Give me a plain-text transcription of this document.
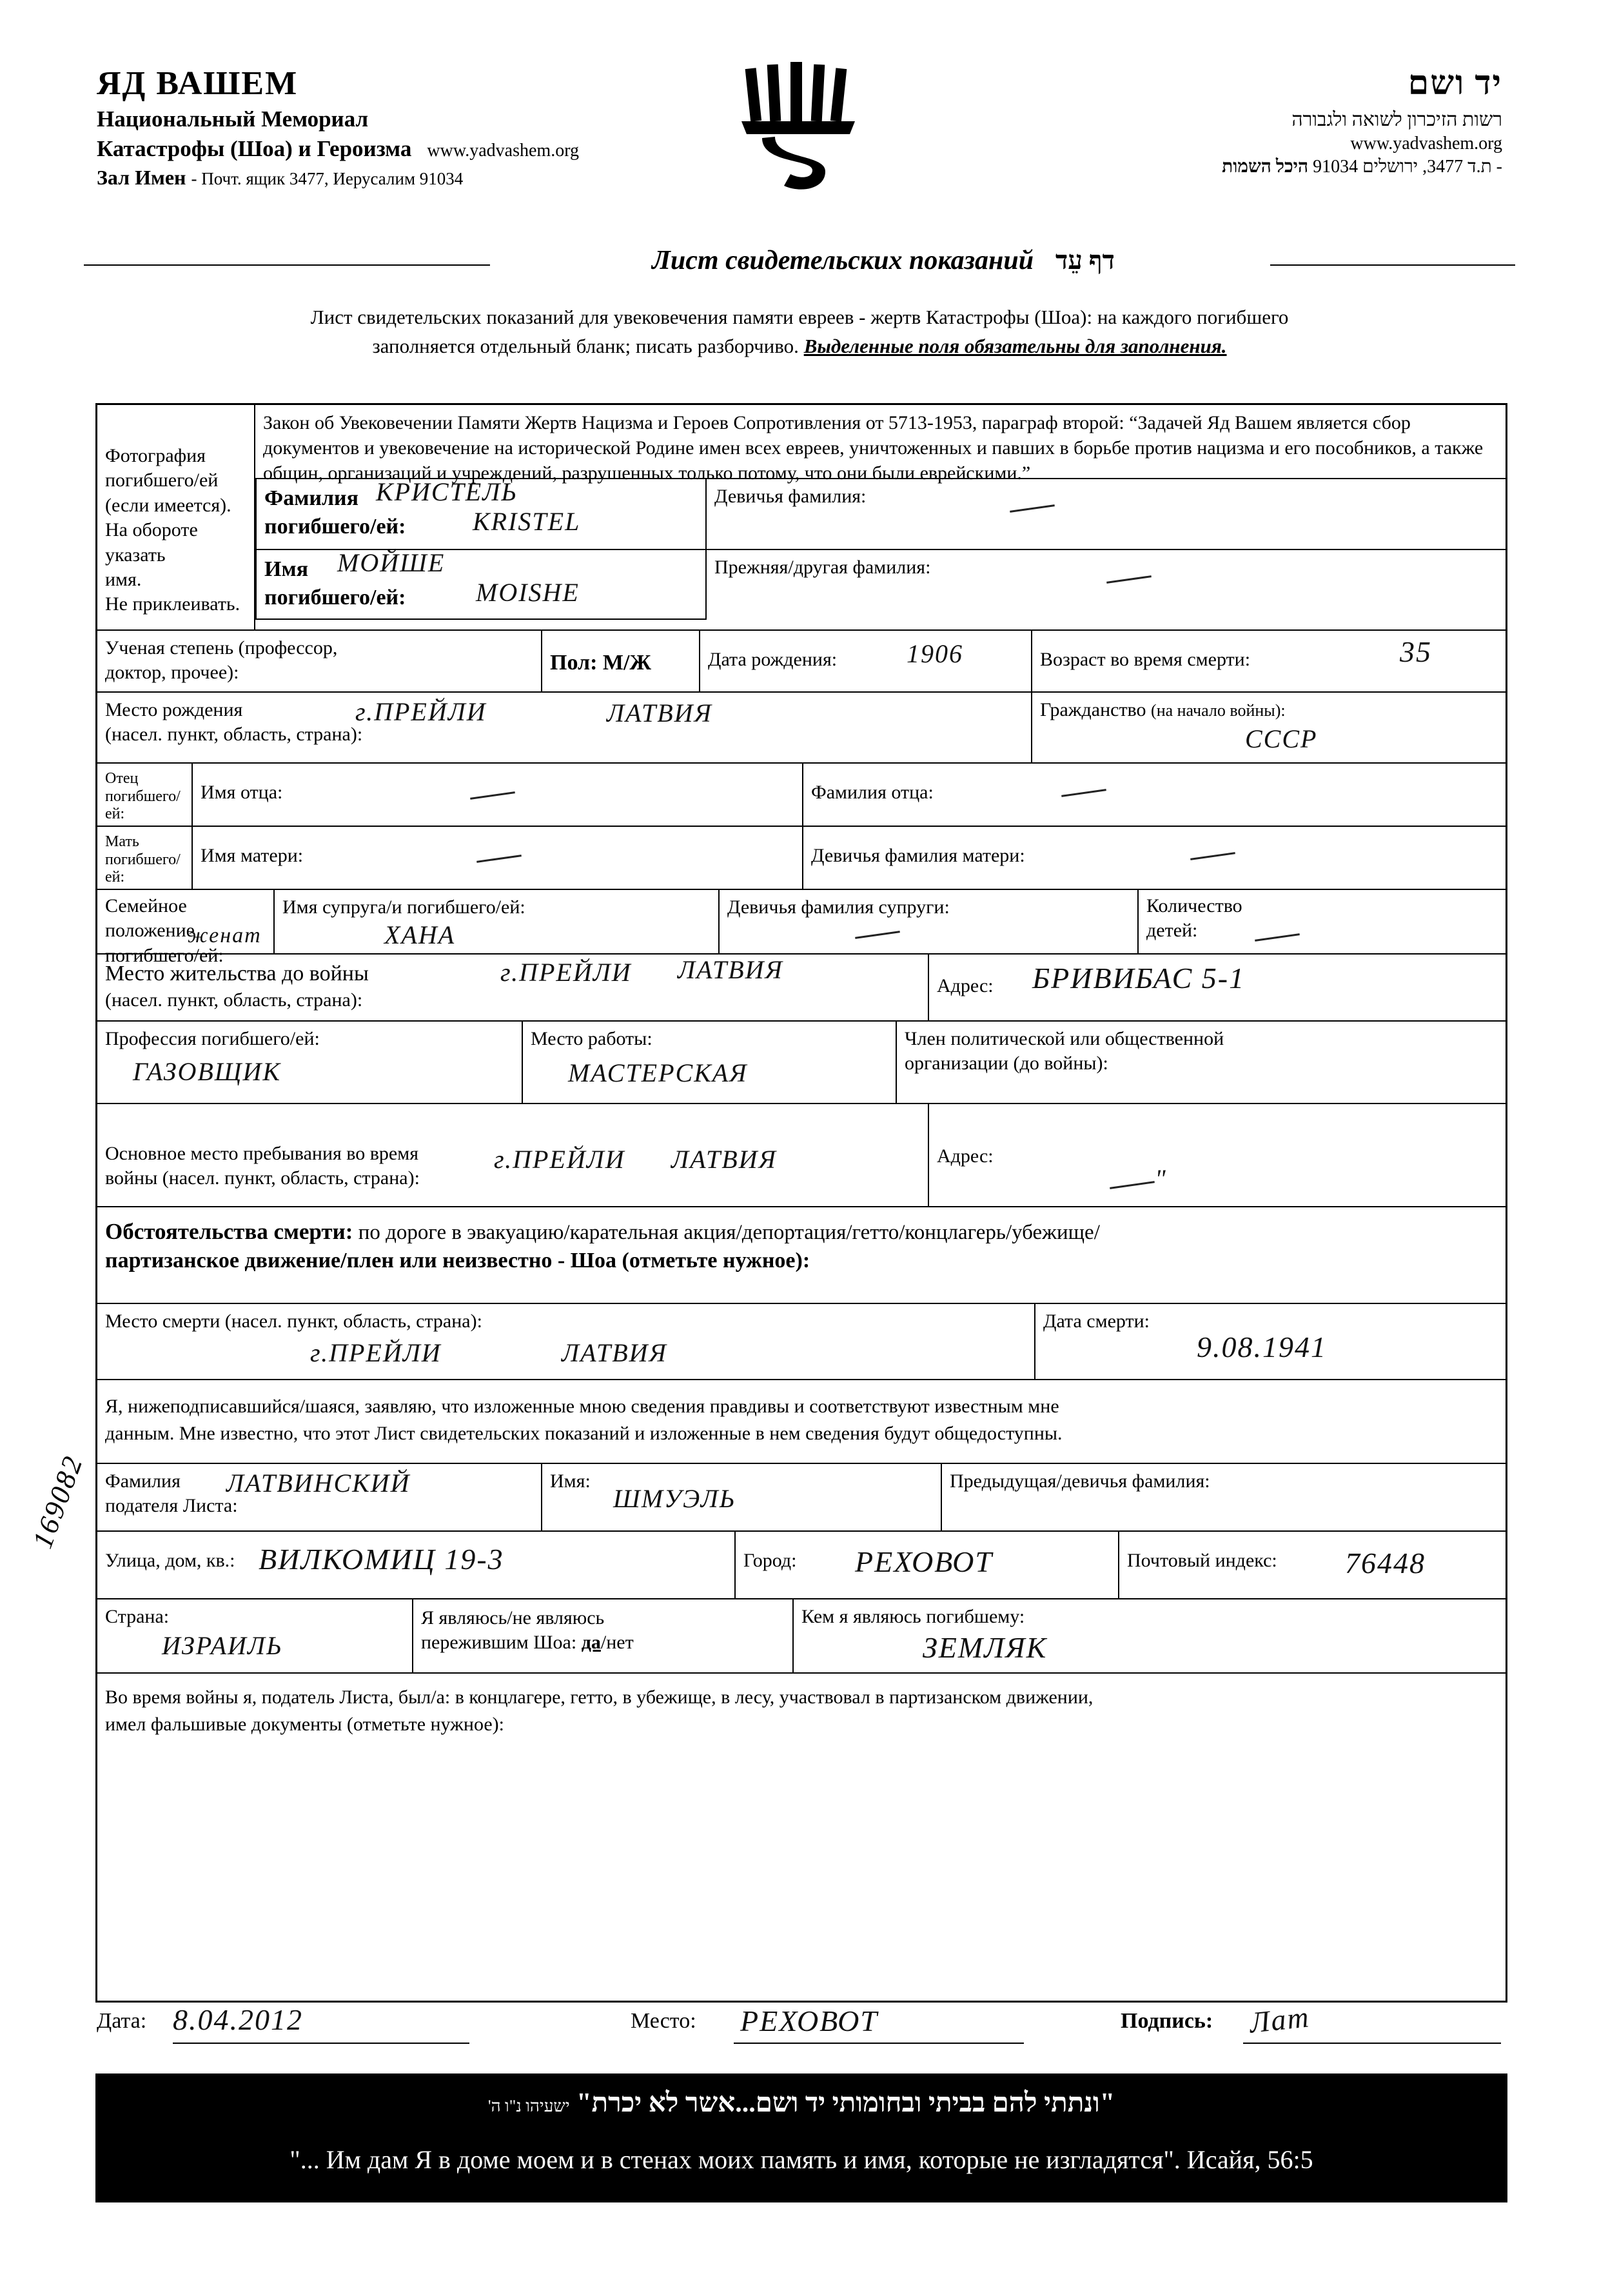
ЯД ВАШЕМ
Национальный Мемориал
Катастрофы (Шоа) и Героизма www.yadvashem.org
Зал Имен - Почт. ящик 3477, Иерусалим 91034
יד ושם
רשות הזיכרון לשואה ולגבורה
www.yadvashem.org
- ת.ד 3477, ירושלים 91034 היכל השמות
Лист свидетельских показаний דף עֵד
Лист свидетельских показаний для увековечения памяти евреев - жертв Катастрофы (Шоа): на каждого погибшего
заполняется отдельный бланк; писать разборчиво. Выделенные поля обязательны для заполнения.
Фотография
погибшего/ей
(если имеется).
На обороте указать
имя.
Не приклеивать.
Закон об Увековечении Памяти Жертв Нацизма и Героев Сопротивления от 5713-1953, параграф второй: “Задачей Яд Вашем является сбор документов и увековечение на исторической Родине имен всех евреев, уничтоженных и павших в борьбе против нацизма и его пособников, а также общин, организаций и учреждений, разрушенных только потому, что они были еврейскими.”
Фамилия
погибшего/ей:
КРИСТЕЛЬ
KRISTEL
Девичья фамилия:
Имя
погибшего/ей:
МОЙШЕ
MOISHE
Прежняя/другая фамилия:
Ученая степень (профессор,
доктор, прочее):	Пол: М/Ж	Дата рождения:	1906	Возраст во время смерти:	35
Место рождения
(насел. пункт, область, страна):
г.ПРЕЙЛИ	ЛАТВИЯ	Гражданство (на начало войны):
СССР
Отец
погибшего/
ей:
Имя отца:	Фамилия отца:
Мать
погибшего/
ей:
Имя матери:	Девичья фамилия матери:
Семейное положение
погибшего/ей:
женат
Имя супруга/и погибшего/ей:
ХАНА
Девичья фамилия супруги:	Количество
детей:
Место жительства до войны
(насел. пункт, область, страна):
г.ПРЕЙЛИ ЛАТВИЯ
Адрес:	БРИВИБАС 5-1
Профессия погибшего/ей:
ГАЗОВЩИК
Место работы:
МАСТЕРСКАЯ
Член политической или общественной
организации (до войны):
Основное место пребывания во время
войны (насел. пункт, область, страна):
г.ПРЕЙЛИ ЛАТВИЯ	Адрес:
"
Обстоятельства смерти: по дороге в эвакуацию/карательная акция/депортация/гетто/концлагерь/убежище/
партизанское движение/плен или неизвестно - Шоа (отметьте нужное):
Место смерти (насел. пункт, область, страна):
г.ПРЕЙЛИ	ЛАТВИЯ
Дата смерти:
9.08.1941
Я, нижеподписавшийся/шаяся, заявляю, что изложенные мною сведения правдивы и соответствуют известным мне
данным. Мне известно, что этот Лист свидетельских показаний и изложенные в нем сведения будут общедоступны.
Фамилия
подателя Листа:
ЛАТВИНСКИЙ	Имя:
ШМУЭЛЬ
Предыдущая/девичья фамилия:
Улица, дом, кв.: ВИЛКОМИЦ 19-3	Город:	РЕХОВОТ	Почтовый индекс:	76448
Страна:
ИЗРАИЛЬ
Я являюсь/не являюсь
пережившим Шоа: да/нет
Кем я являюсь погибшему:
ЗЕМЛЯК
Во время войны я, податель Листа, был/а: в концлагере, гетто, в убежище, в лесу, участвовал в партизанском движении,
имел фальшивые документы (отметьте нужное):
169082
Дата: 8.04.2012	Место: РЕХОВОТ	Подпись: Лат
"ונתתי להם בביתי ובחומותי יד ושם...אשר לא יכרת" ישעיהו נ"ו ה'
"... Им дам Я в доме моем и в стенах моих память и имя, которые не изгладятся". Исайя, 56:5
